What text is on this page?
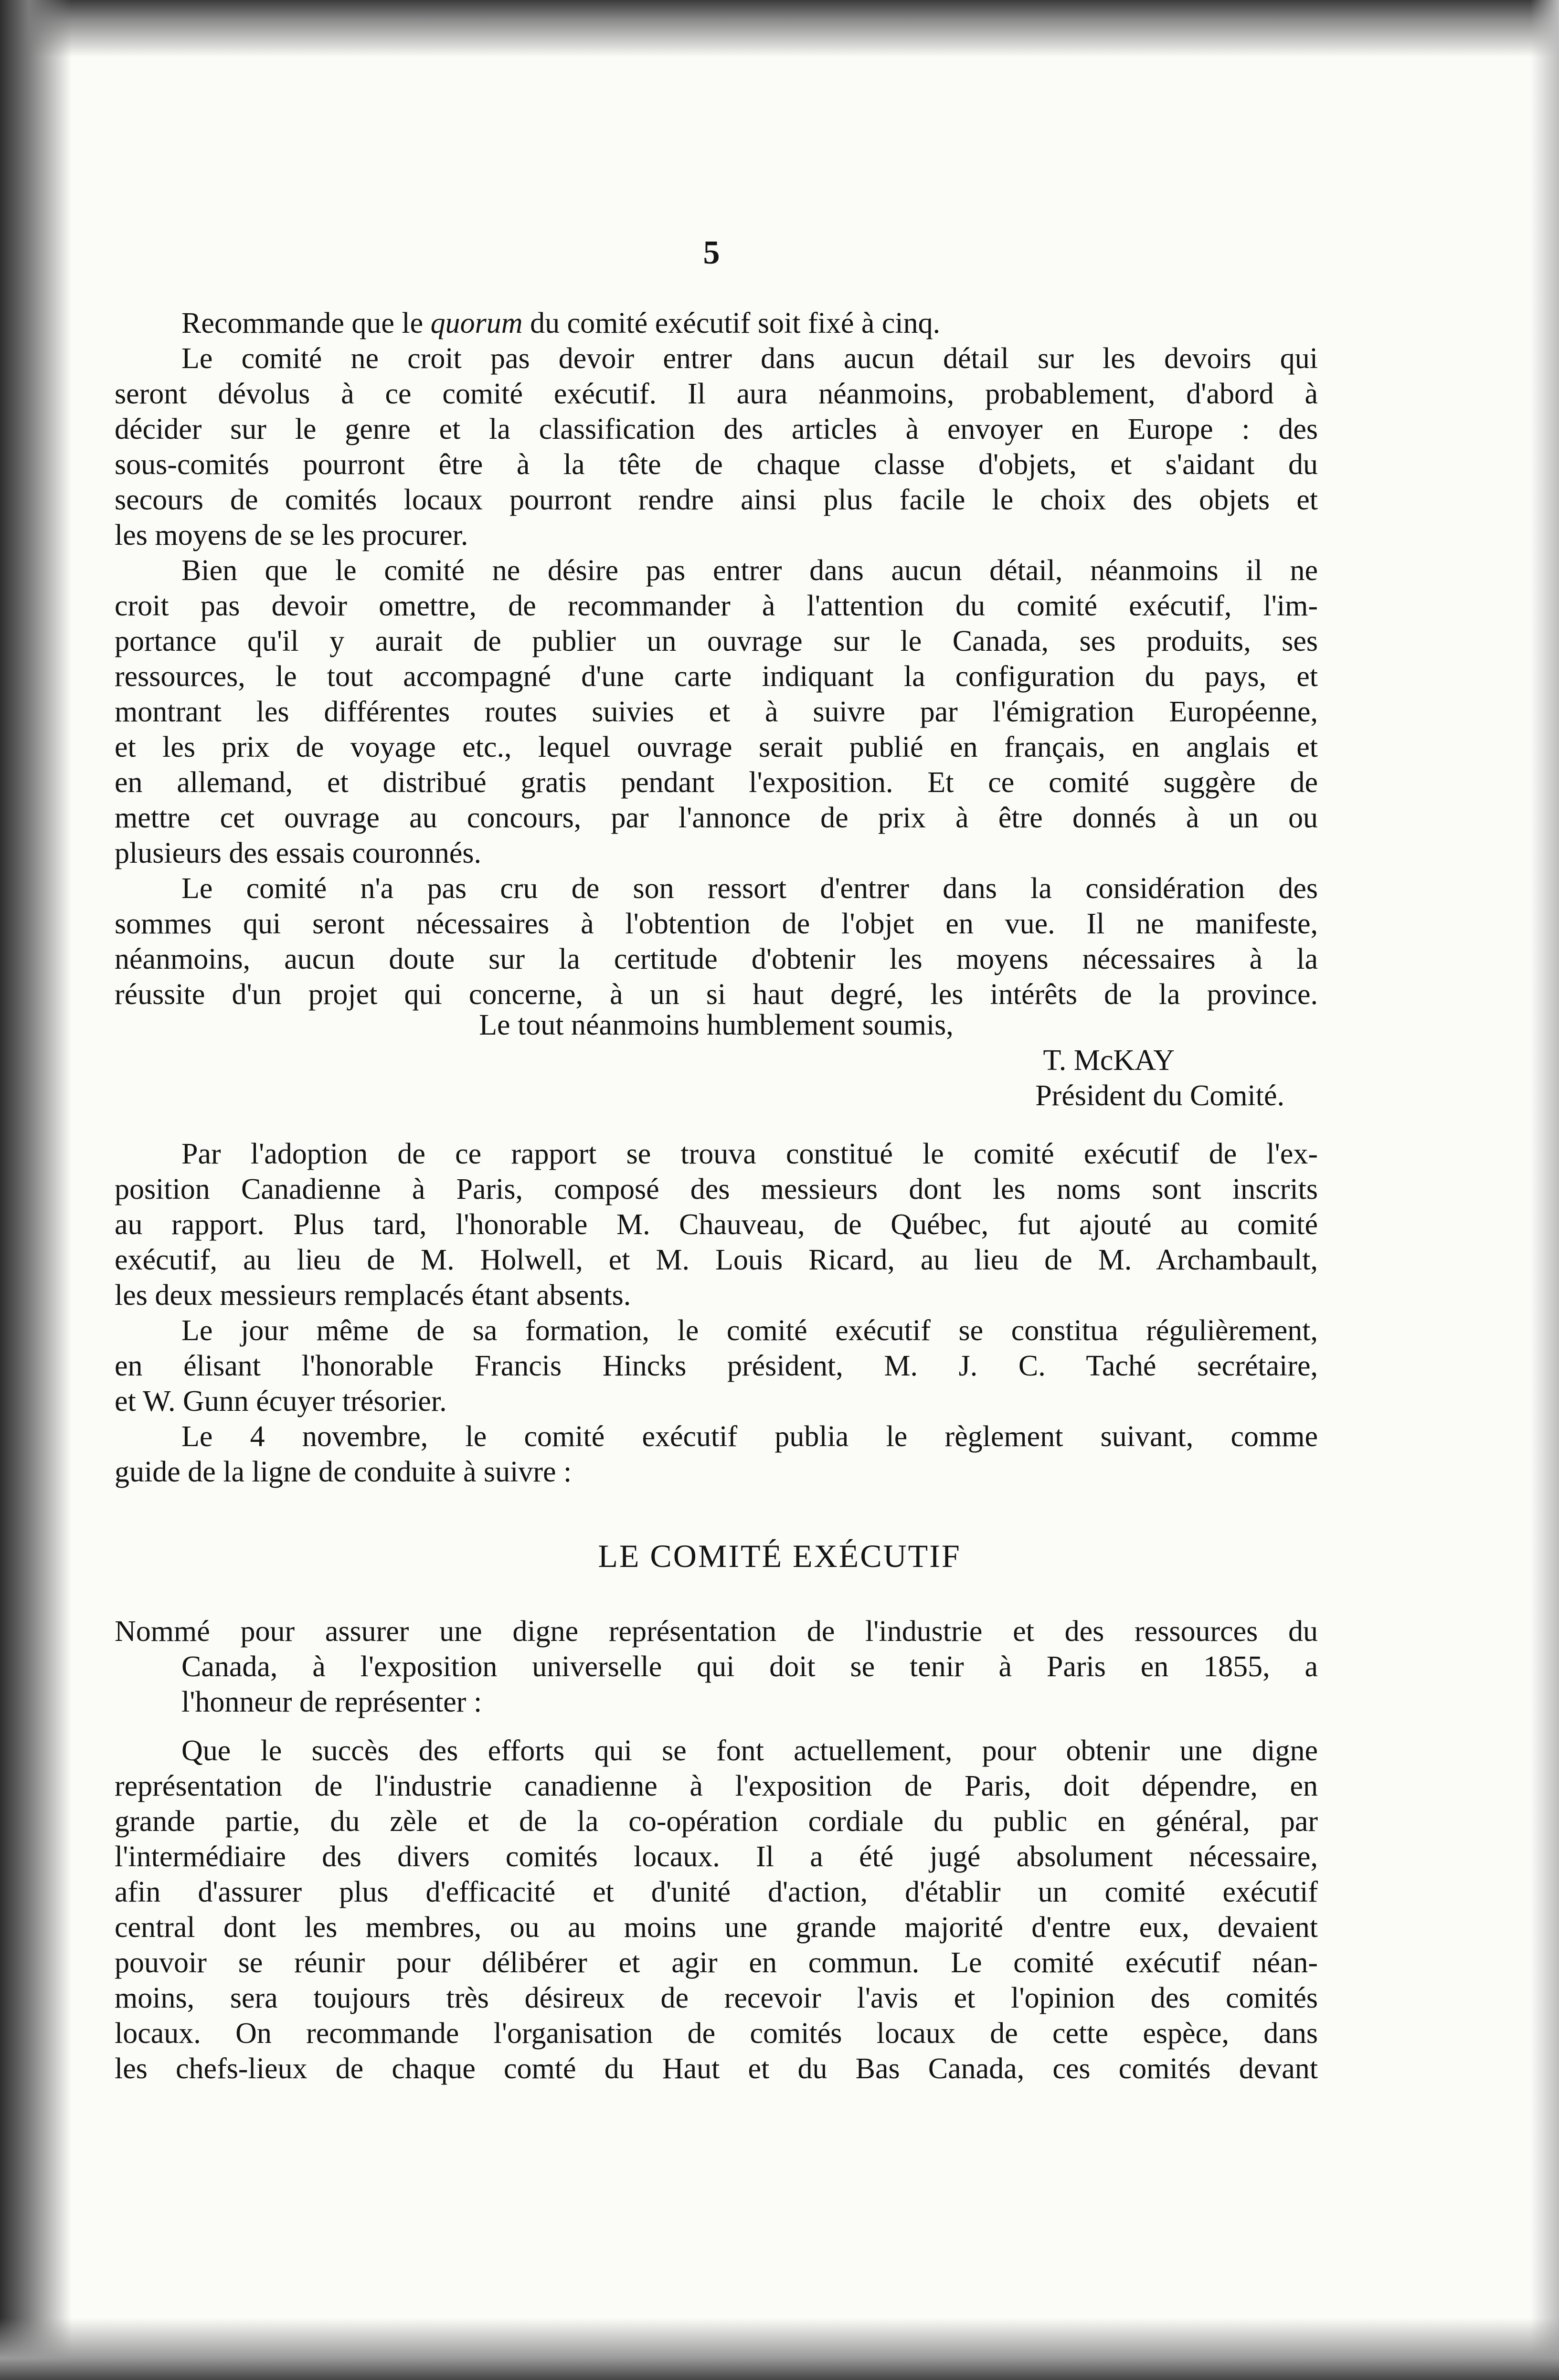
5
Recommande que le quorum du comité exécutif soit fixé à cinq.
Le comité ne croit pas devoir entrer dans aucun détail sur les devoirs qui
seront dévolus à ce comité exécutif. Il aura néanmoins, probablement, d'abord à
décider sur le genre et la classification des articles à envoyer en Europe : des
sous-comités pourront être à la tête de chaque classe d'objets, et s'aidant du
secours de comités locaux pourront rendre ainsi plus facile le choix des objets et
les moyens de se les procurer.
Bien que le comité ne désire pas entrer dans aucun détail, néanmoins il ne
croit pas devoir omettre, de recommander à l'attention du comité exécutif, l'im-
portance qu'il y aurait de publier un ouvrage sur le Canada, ses produits, ses
ressources, le tout accompagné d'une carte indiquant la configuration du pays, et
montrant les différentes routes suivies et à suivre par l'émigration Européenne,
et les prix de voyage etc., lequel ouvrage serait publié en français, en anglais et
en allemand, et distribué gratis pendant l'exposition. Et ce comité suggère de
mettre cet ouvrage au concours, par l'annonce de prix à être donnés à un ou
plusieurs des essais couronnés.
Le comité n'a pas cru de son ressort d'entrer dans la considération des
sommes qui seront nécessaires à l'obtention de l'objet en vue. Il ne manifeste,
néanmoins, aucun doute sur la certitude d'obtenir les moyens nécessaires à la
réussite d'un projet qui concerne, à un si haut degré, les intérêts de la province.
Le tout néanmoins humblement soumis,
T. McKAY
Président du Comité.
Par l'adoption de ce rapport se trouva constitué le comité exécutif de l'ex-
position Canadienne à Paris, composé des messieurs dont les noms sont inscrits
au rapport. Plus tard, l'honorable M. Chauveau, de Québec, fut ajouté au comité
exécutif, au lieu de M. Holwell, et M. Louis Ricard, au lieu de M. Archambault,
les deux messieurs remplacés étant absents.
Le jour même de sa formation, le comité exécutif se constitua régulièrement,
en élisant l'honorable Francis Hincks président, M. J. C. Taché secrétaire,
et W. Gunn écuyer trésorier.
Le 4 novembre, le comité exécutif publia le règlement suivant, comme
guide de la ligne de conduite à suivre :
LE COMITÉ EXÉCUTIF
Nommé pour assurer une digne représentation de l'industrie et des ressources du
Canada, à l'exposition universelle qui doit se tenir à Paris en 1855, a
l'honneur de représenter :
Que le succès des efforts qui se font actuellement, pour obtenir une digne
représentation de l'industrie canadienne à l'exposition de Paris, doit dépendre, en
grande partie, du zèle et de la co-opération cordiale du public en général, par
l'intermédiaire des divers comités locaux. Il a été jugé absolument nécessaire,
afin d'assurer plus d'efficacité et d'unité d'action, d'établir un comité exécutif
central dont les membres, ou au moins une grande majorité d'entre eux, devaient
pouvoir se réunir pour délibérer et agir en commun. Le comité exécutif néan-
moins, sera toujours très désireux de recevoir l'avis et l'opinion des comités
locaux. On recommande l'organisation de comités locaux de cette espèce, dans
les chefs-lieux de chaque comté du Haut et du Bas Canada, ces comités devant
